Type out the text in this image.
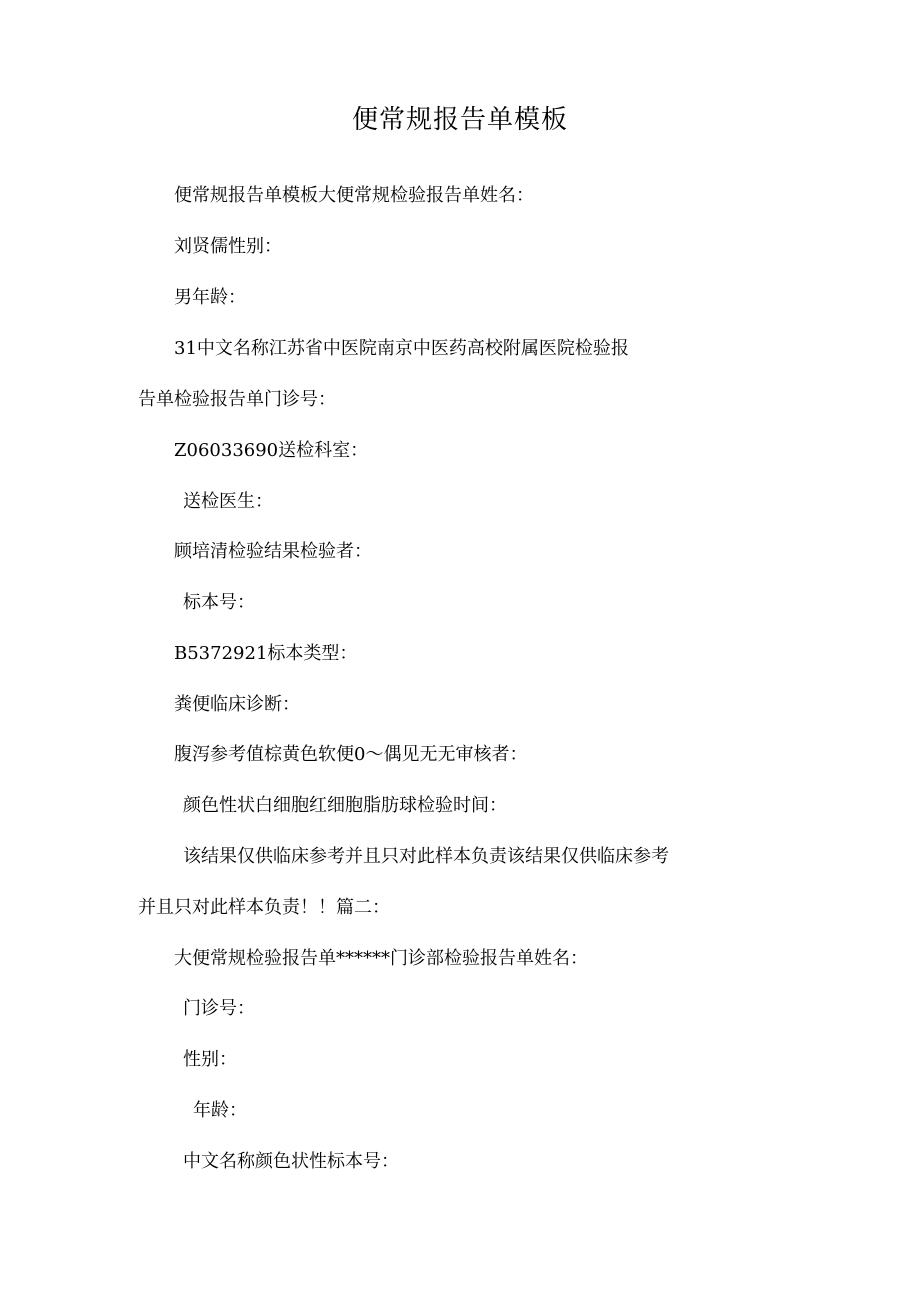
便常规报告单模板
便常规报告单模板大便常规检验报告单姓名：
刘贤儒性别：
男年龄：
31中文名称江苏省中医院南京中医药高校附属医院检验报
告单检验报告单门诊号：
Z06033690送检科室：
送检医生：
顾培清检验结果检验者：
标本号：
B5372921标本类型：
粪便临床诊断：
腹泻参考值棕黄色软便0～偶见无无审核者：
颜色性状白细胞红细胞脂肪球检验时间：
该结果仅供临床参考并且只对此样本负责该结果仅供临床参考
并且只对此样本负责！！篇二：
大便常规检验报告单******门诊部检验报告单姓名：
门诊号：
性别：
年龄：
中文名称颜色状性标本号：
